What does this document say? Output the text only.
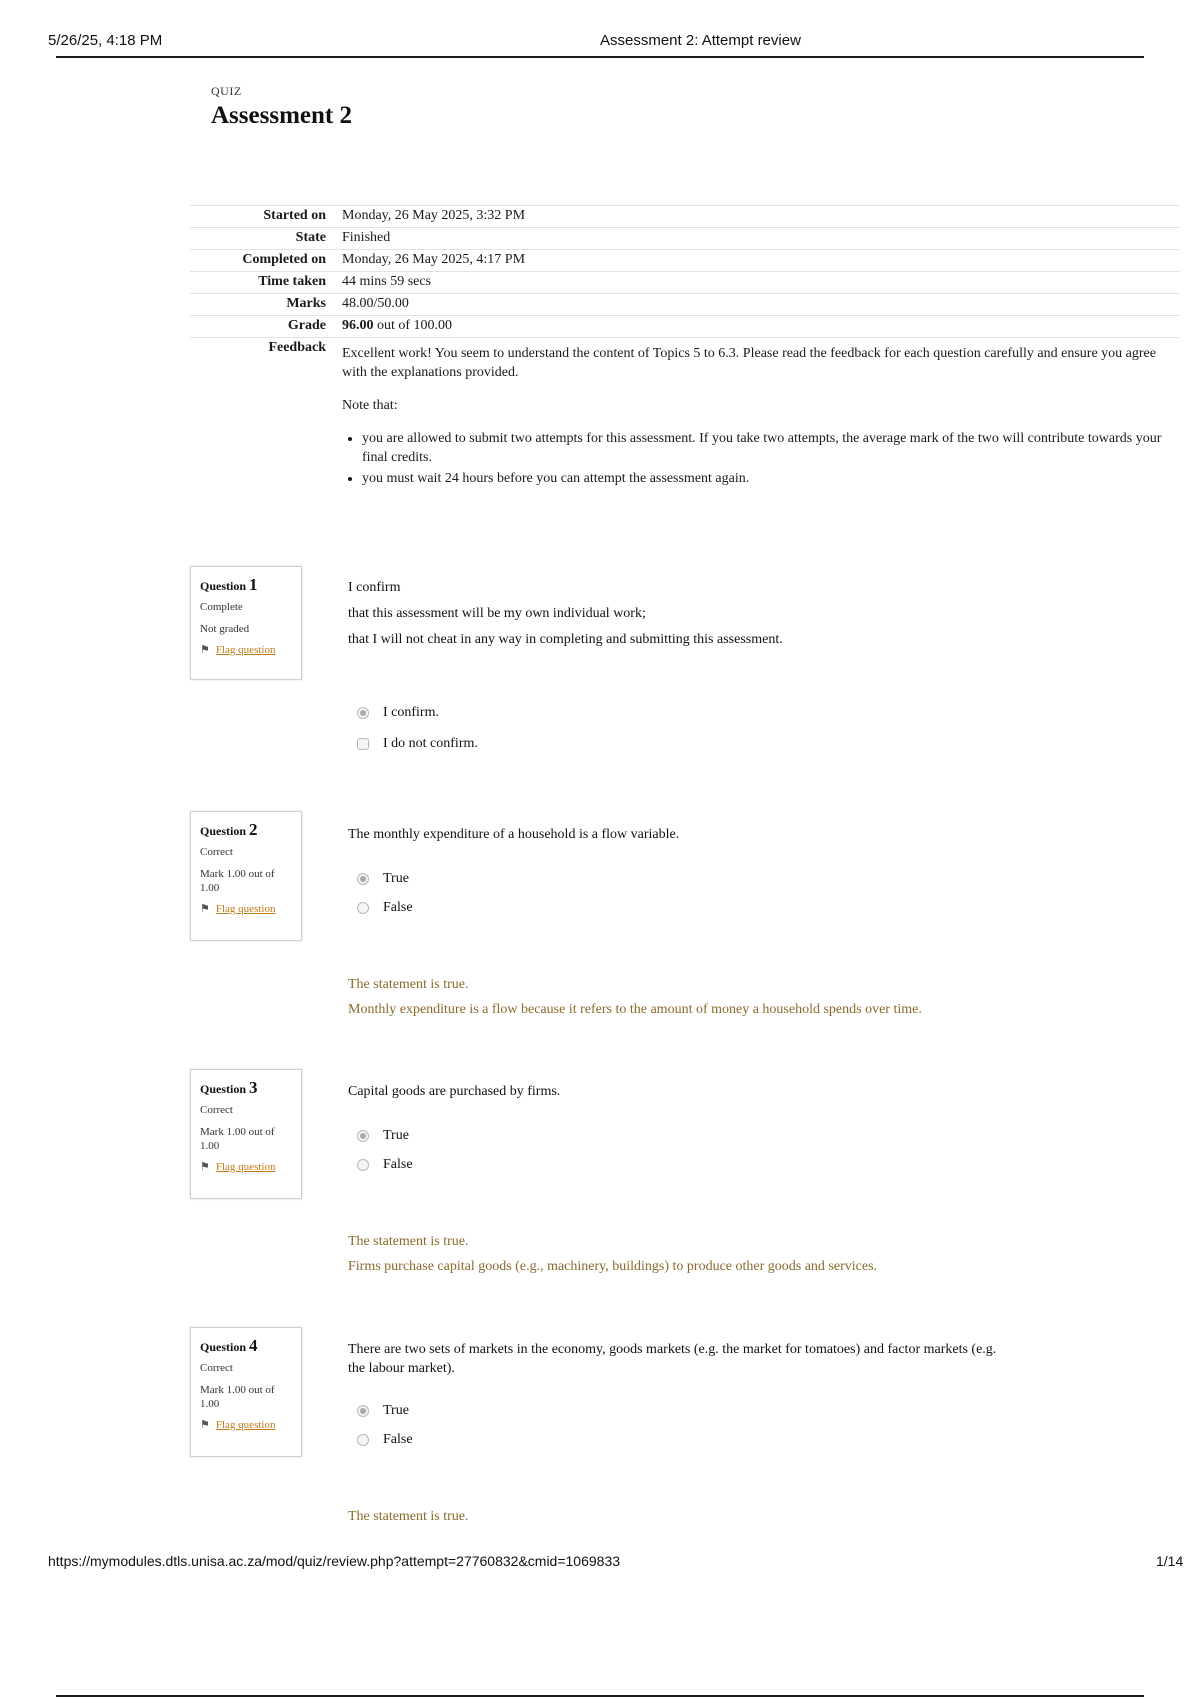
5/26/25, 4:18 PM	Assessment 2: Attempt review
QUIZ
Assessment 2
Started on	Monday, 26 May 2025, 3:32 PM
State	Finished
Completed on	Monday, 26 May 2025, 4:17 PM
Time taken	44 mins 59 secs
Marks	48.00/50.00
Grade	96.00 out of 100.00
Feedback	Excellent work! You seem to understand the content of Topics 5 to 6.3. Please read the feedback for each question carefully and ensure you agree with the explanations provided.

Note that:

• you are allowed to submit two attempts for this assessment. If you take two attempts, the average mark of the two will contribute towards your final credits.
• you must wait 24 hours before you can attempt the assessment again.
Question 1
Complete
Not graded
⚑ Flag question

I confirm

that this assessment will be my own individual work;

that I will not cheat in any way in completing and submitting this assessment.

I confirm.
I do not confirm.
Question 2
Correct
Mark 1.00 out of
1.00
⚑ Flag question

The monthly expenditure of a household is a flow variable.

True
False
The statement is true.
Monthly expenditure is a flow because it refers to the amount of money a household spends over time.
Question 3
Correct
Mark 1.00 out of
1.00
⚑ Flag question

Capital goods are purchased by firms.

True
False
The statement is true.
Firms purchase capital goods (e.g., machinery, buildings) to produce other goods and services.
Question 4
Correct
Mark 1.00 out of
1.00
⚑ Flag question

There are two sets of markets in the economy, goods markets (e.g. the market for tomatoes) and factor markets (e.g. the labour market).

True
False
The statement is true.
https://mymodules.dtls.unisa.ac.za/mod/quiz/review.php?attempt=27760832&cmid=1069833	1/14
